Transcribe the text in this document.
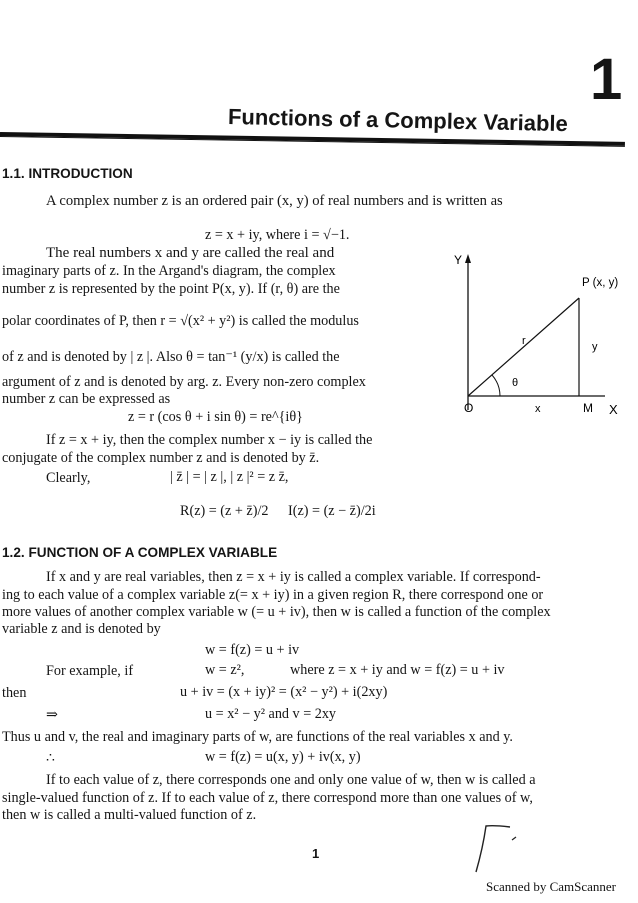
1
Functions of a Complex Variable
1.1. INTRODUCTION
A complex number z is an ordered pair (x, y) of real numbers and is written as
z = x + iy, where i = √−1.
The real numbers x and y are called the real and
imaginary parts of z. In the Argand's diagram, the complex
number z is represented by the point P(x, y). If (r, θ) are the
polar coordinates of P, then r = √(x² + y²) is called the modulus
of z and is denoted by | z |. Also θ = tan⁻¹ (y/x) is called the
argument of z and is denoted by arg. z. Every non-zero complex
number z can be expressed as
z = r (cos θ + i sin θ) = re^{iθ}
If z = x + iy, then the complex number x − iy is called the
conjugate of the complex number z and is denoted by z̄.
Clearly,	| z̄ | = | z |, | z |² = z z̄,
R(z) = (z + z̄)/2 I(z) = (z − z̄)/2i
Y
P (x, y)
r	y
θ
O	x	M X
1.2. FUNCTION OF A COMPLEX VARIABLE
If x and y are real variables, then z = x + iy is called a complex variable. If correspond-
ing to each value of a complex variable z(= x + iy) in a given region R, there correspond one or
more values of another complex variable w (= u + iv), then w is called a function of the complex
variable z and is denoted by
w = f(z) = u + iv
For example, if	w = z²,	where z = x + iy and w = f(z) = u + iv
then	u + iv = (x + iy)² = (x² − y²) + i(2xy)
⇒	u = x² − y² and v = 2xy
Thus u and v, the real and imaginary parts of w, are functions of the real variables x and y.
∴	w = f(z) = u(x, y) + iv(x, y)
If to each value of z, there corresponds one and only one value of w, then w is called a
single-valued function of z. If to each value of z, there correspond more than one values of w,
then w is called a multi-valued function of z.
1
Scanned by CamScanner
